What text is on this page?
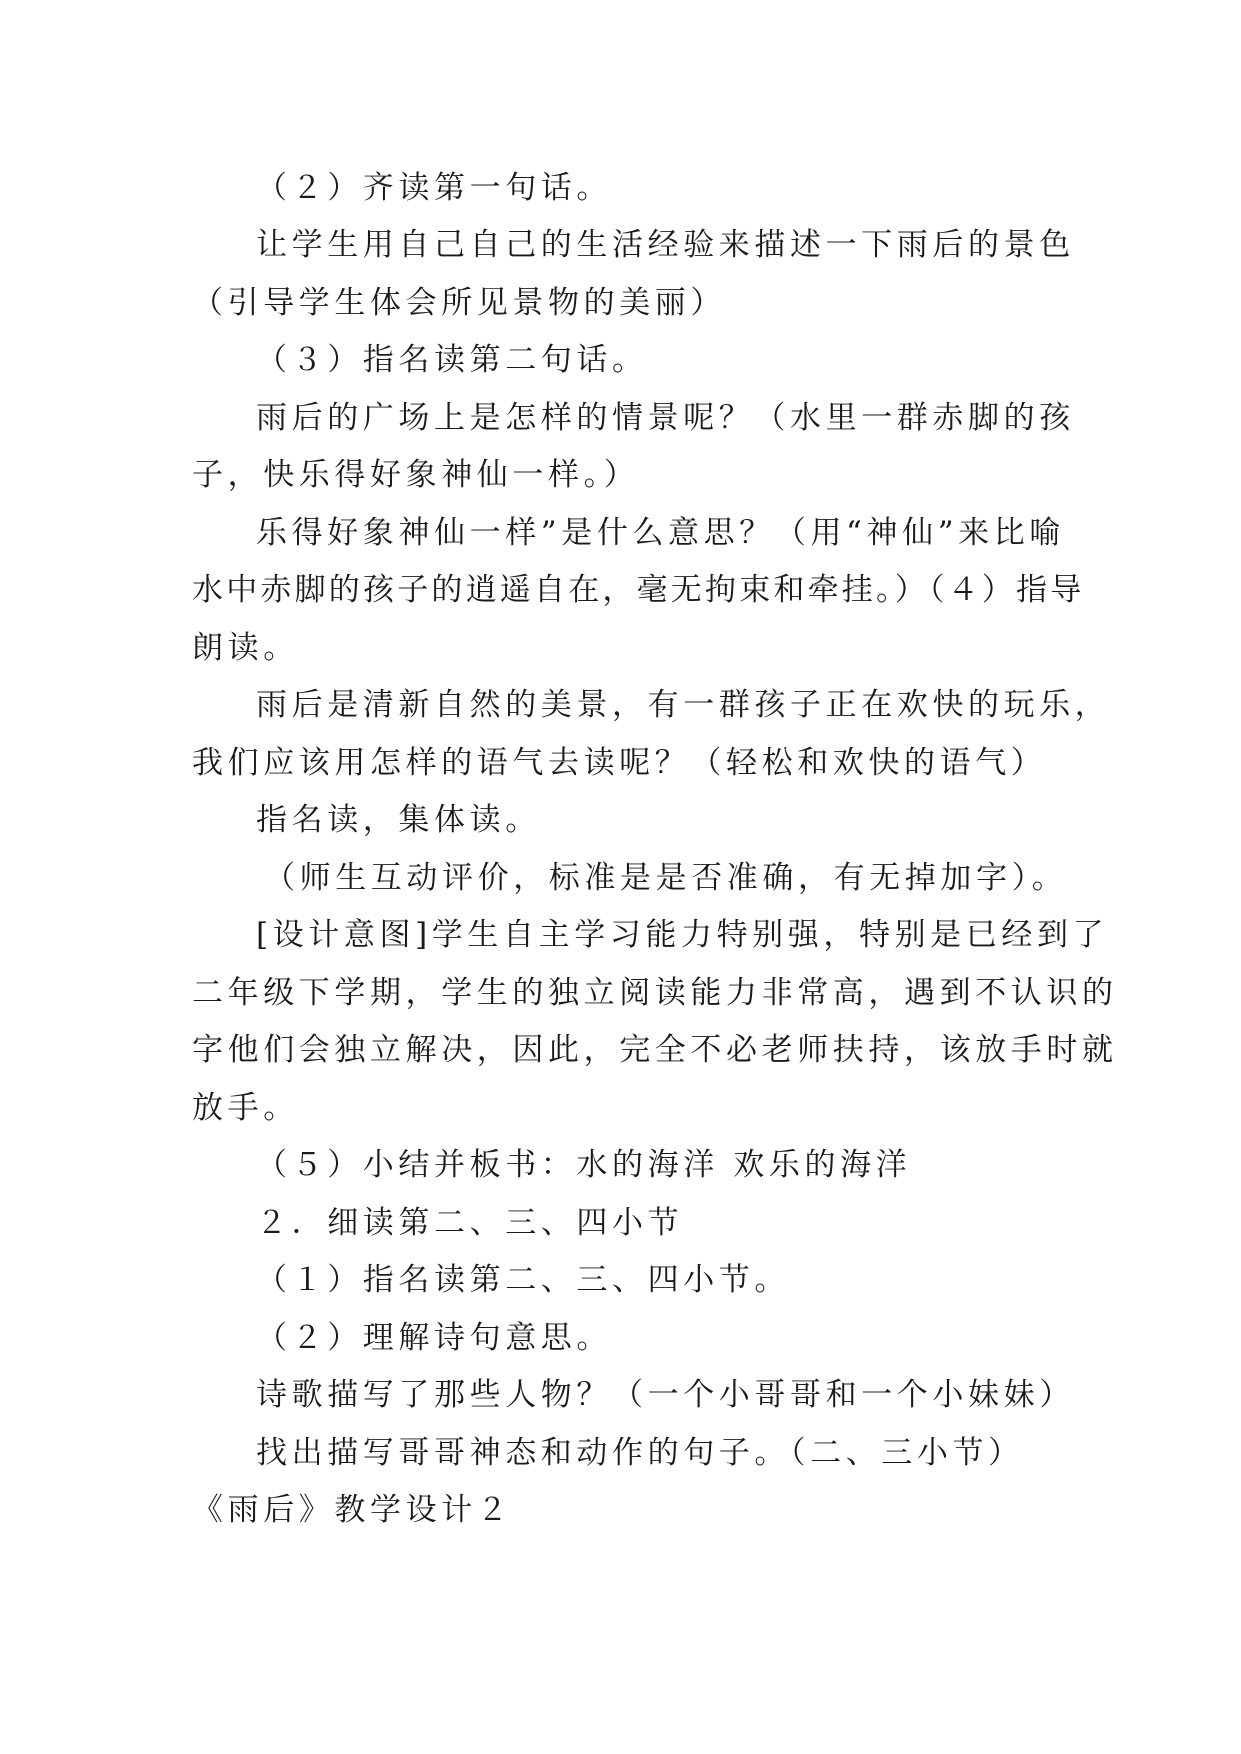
（２）齐读第一句话。
让学生用自己自己的生活经验来描述一下雨后的景色
（引导学生体会所见景物的美丽）
（３）指名读第二句话。
雨后的广场上是怎样的情景呢？（水里一群赤脚的孩
子，快乐得好象神仙一样。）
乐得好象神仙一样”是什么意思？（用“神仙”来比喻
水中赤脚的孩子的逍遥自在，毫无拘束和牵挂。）（４）指导
朗读。
雨后是清新自然的美景，有一群孩子正在欢快的玩乐，
我们应该用怎样的语气去读呢？（轻松和欢快的语气）
指名读，集体读。
（师生互动评价，标准是是否准确，有无掉加字）。
[设计意图]学生自主学习能力特别强，特别是已经到了
二年级下学期，学生的独立阅读能力非常高，遇到不认识的
字他们会独立解决，因此，完全不必老师扶持，该放手时就
放手。
（５）小结并板书：水的海洋 欢乐的海洋
２．细读第二、三、四小节
（１）指名读第二、三、四小节。
（２）理解诗句意思。
诗歌描写了那些人物？（一个小哥哥和一个小妹妹）
找出描写哥哥神态和动作的句子。（二、三小节）
《雨后》教学设计２
